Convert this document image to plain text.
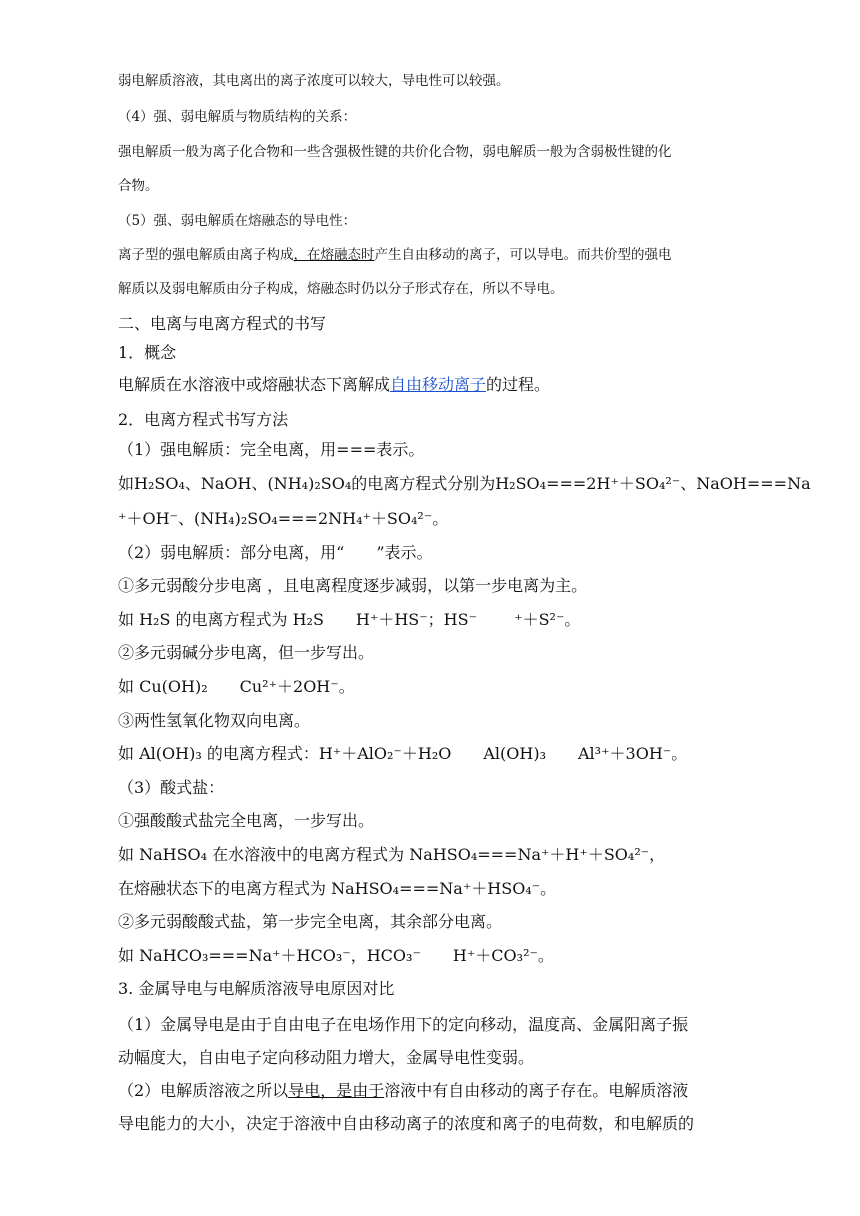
弱电解质溶液，其电离出的离子浓度可以较大，导电性可以较强。
（4）强、弱电解质与物质结构的关系：
强电解质一般为离子化合物和一些含强极性键的共价化合物，弱电解质一般为含弱极性键的化
合物。
（5）强、弱电解质在熔融态的导电性：
离子型的强电解质由离子构成，在熔融态时产生自由移动的离子，可以导电。而共价型的强电
解质以及弱电解质由分子构成，熔融态时仍以分子形式存在，所以不导电。
二、电离与电离方程式的书写
1．概念
电解质在水溶液中或熔融状态下离解成自由移动离子的过程。
2．电离方程式书写方法
（1）强电解质：完全电离，用===表示。
如H₂SO₄、NaOH、(NH₄)₂SO₄的电离方程式分别为H₂SO₄===2H⁺＋SO₄²⁻、NaOH===Na
⁺＋OH⁻、(NH₄)₂SO₄===2NH₄⁺＋SO₄²⁻。
（2）弱电解质：部分电离，用“　　”表示。
①多元弱酸分步电离 ，且电离程度逐步减弱，以第一步电离为主。
如 H₂S 的电离方程式为 H₂S　　H⁺＋HS⁻；HS⁻　　 ⁺＋S²⁻。
②多元弱碱分步电离，但一步写出。
如 Cu(OH)₂　　Cu²⁺＋2OH⁻。
③两性氢氧化物双向电离。
如 Al(OH)₃ 的电离方程式：H⁺＋AlO₂⁻＋H₂O　　Al(OH)₃　　Al³⁺＋3OH⁻。
（3）酸式盐：
①强酸酸式盐完全电离，一步写出。
如 NaHSO₄ 在水溶液中的电离方程式为 NaHSO₄===Na⁺＋H⁺＋SO₄²⁻，
在熔融状态下的电离方程式为 NaHSO₄===Na⁺＋HSO₄⁻。
②多元弱酸酸式盐，第一步完全电离，其余部分电离。
如 NaHCO₃===Na⁺＋HCO₃⁻，HCO₃⁻　　H⁺＋CO₃²⁻。
3. 金属导电与电解质溶液导电原因对比
（1）金属导电是由于自由电子在电场作用下的定向移动，温度高、金属阳离子振
动幅度大，自由电子定向移动阻力增大，金属导电性变弱。
（2）电解质溶液之所以导电，是由于溶液中有自由移动的离子存在。电解质溶液
导电能力的大小，决定于溶液中自由移动离子的浓度和离子的电荷数，和电解质的
